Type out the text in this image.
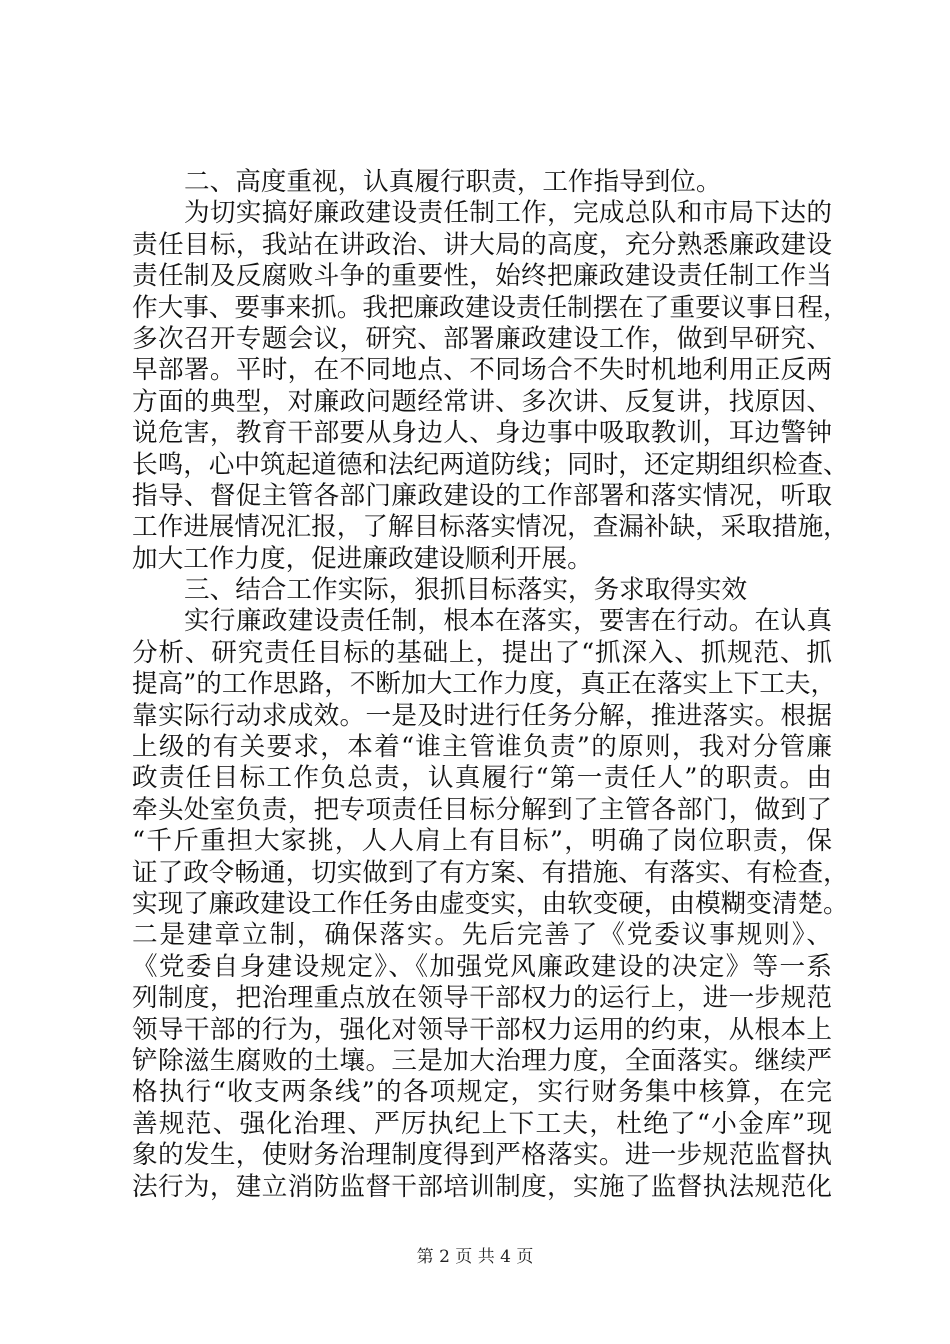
二、高度重视，认真履行职责，工作指导到位。
为切实搞好廉政建设责任制工作，完成总队和市局下达的
责任目标，我站在讲政治、讲大局的高度，充分熟悉廉政建设
责任制及反腐败斗争的重要性，始终把廉政建设责任制工作当
作大事、要事来抓。我把廉政建设责任制摆在了重要议事日程，
多次召开专题会议，研究、部署廉政建设工作，做到早研究、
早部署。平时，在不同地点、不同场合不失时机地利用正反两
方面的典型，对廉政问题经常讲、多次讲、反复讲，找原因、
说危害，教育干部要从身边人、身边事中吸取教训，耳边警钟
长鸣，心中筑起道德和法纪两道防线；同时，还定期组织检查、
指导、督促主管各部门廉政建设的工作部署和落实情况，听取
工作进展情况汇报，了解目标落实情况，查漏补缺，采取措施，
加大工作力度，促进廉政建设顺利开展。
三、结合工作实际，狠抓目标落实，务求取得实效
实行廉政建设责任制，根本在落实，要害在行动。在认真
分析、研究责任目标的基础上，提出了“抓深入、抓规范、抓
提高”的工作思路，不断加大工作力度，真正在落实上下工夫，
靠实际行动求成效。一是及时进行任务分解，推进落实。根据
上级的有关要求，本着“谁主管谁负责”的原则，我对分管廉
政责任目标工作负总责，认真履行“第一责任人”的职责。由
牵头处室负责，把专项责任目标分解到了主管各部门，做到了
“千斤重担大家挑，人人肩上有目标”，明确了岗位职责，保
证了政令畅通，切实做到了有方案、有措施、有落实、有检查，
实现了廉政建设工作任务由虚变实，由软变硬，由模糊变清楚。
二是建章立制，确保落实。先后完善了《党委议事规则》、
《党委自身建设规定》、《加强党风廉政建设的决定》等一系
列制度，把治理重点放在领导干部权力的运行上，进一步规范
领导干部的行为，强化对领导干部权力运用的约束，从根本上
铲除滋生腐败的土壤。三是加大治理力度，全面落实。继续严
格执行“收支两条线”的各项规定，实行财务集中核算，在完
善规范、强化治理、严厉执纪上下工夫，杜绝了“小金库”现
象的发生，使财务治理制度得到严格落实。进一步规范监督执
法行为，建立消防监督干部培训制度，实施了监督执法规范化
第 2 页 共 4 页
